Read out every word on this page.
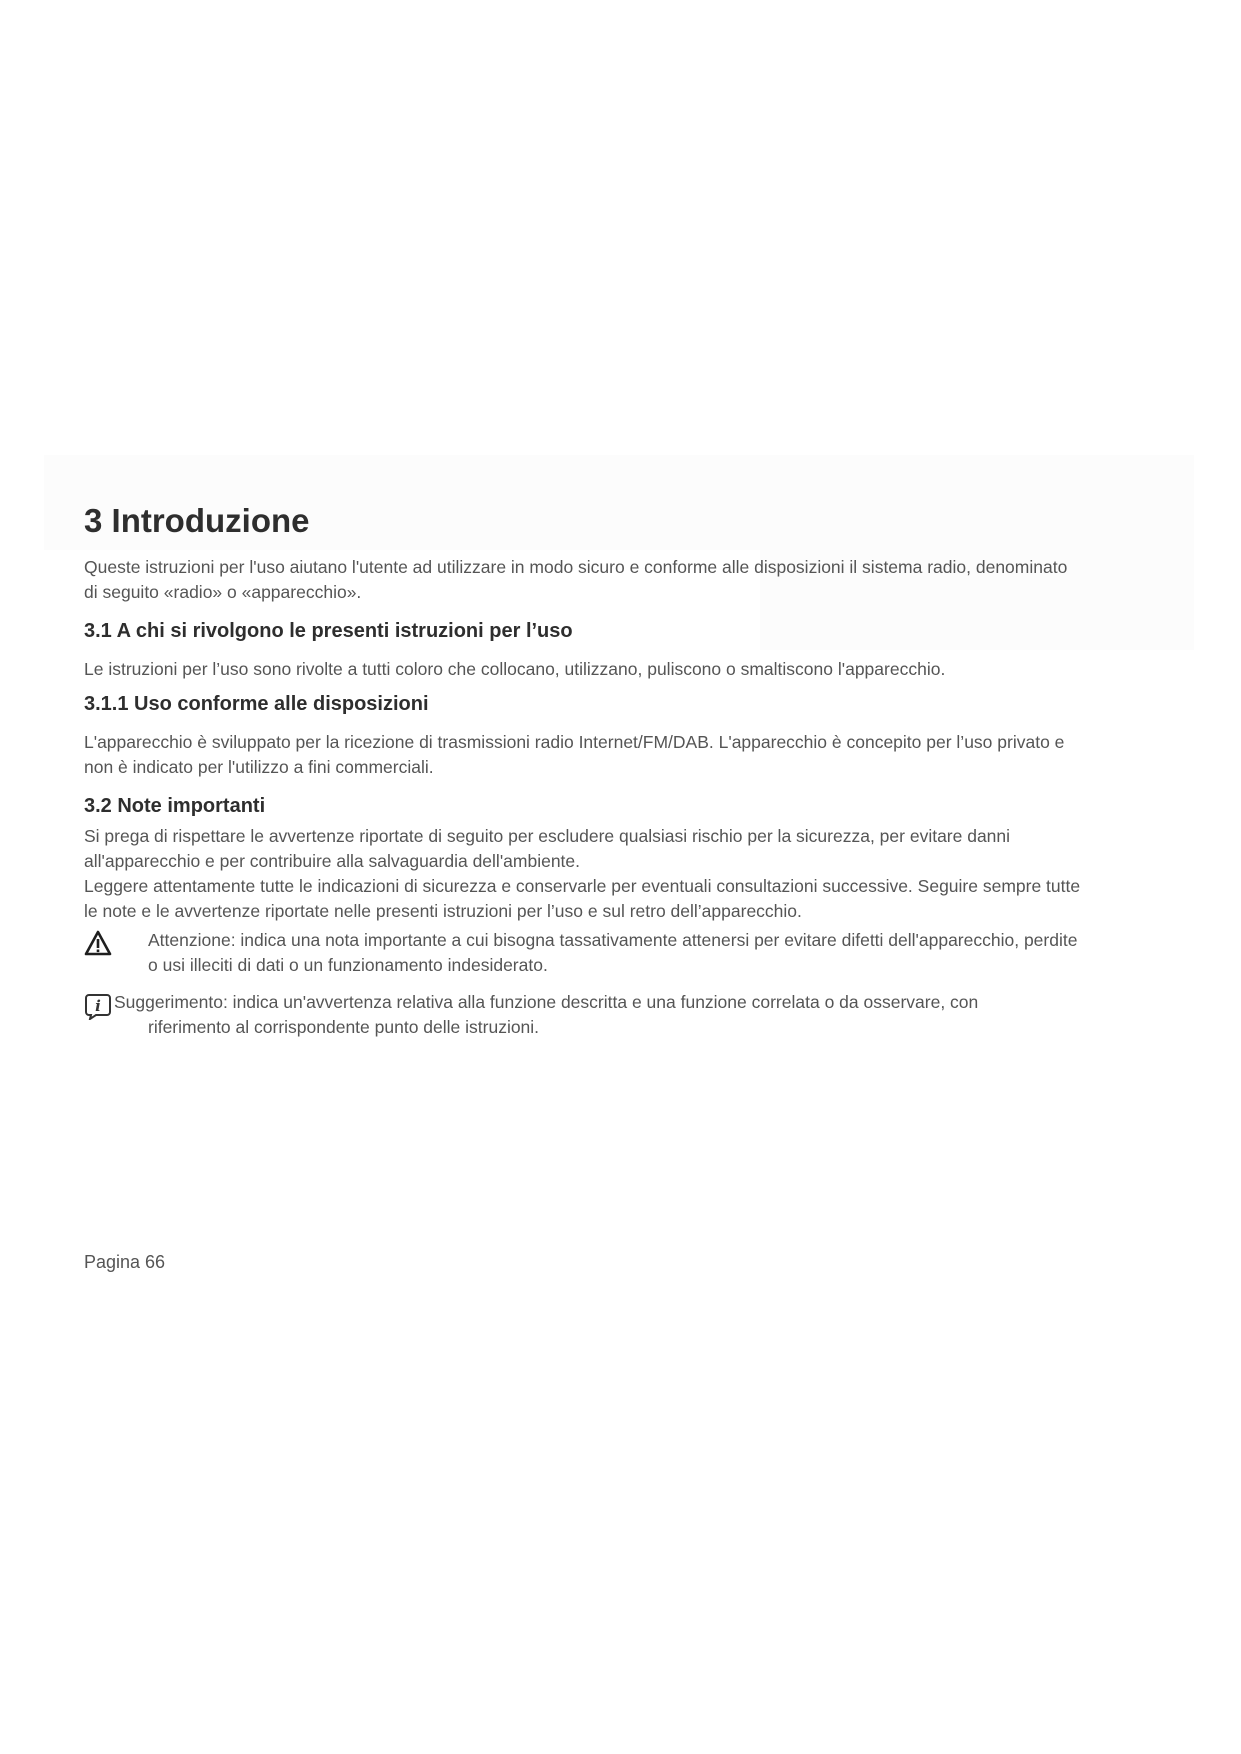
3 Introduzione

Queste istruzioni per l'uso aiutano l'utente ad utilizzare in modo sicuro e conforme alle disposizioni il sistema radio, denominato

di seguito «radio» o «apparecchio».

3.1 A chi si rivolgono le presenti istruzioni per l’uso

Le istruzioni per l’uso sono rivolte a tutti coloro che collocano, utilizzano, puliscono o smaltiscono l'apparecchio.

3.1.1 Uso conforme alle disposizioni

L'apparecchio è sviluppato per la ricezione di trasmissioni radio Internet/FM/DAB. L'apparecchio è concepito per l’uso privato e

non è indicato per l'utilizzo a fini commerciali.

3.2 Note importanti

Si prega di rispettare le avvertenze riportate di seguito per escludere qualsiasi rischio per la sicurezza, per evitare danni

all'apparecchio e per contribuire alla salvaguardia dell'ambiente.

Leggere attentamente tutte le indicazioni di sicurezza e conservarle per eventuali consultazioni successive. Seguire sempre tutte

le note e le avvertenze riportate nelle presenti istruzioni per l’uso e sul retro dell’apparecchio.

Attenzione: indica una nota importante a cui bisogna tassativamente attenersi per evitare difetti dell'apparecchio, perdite
o usi illeciti di dati o un funzionamento indesiderato.
i Suggerimento: indica un'avvertenza relativa alla funzione descritta e una funzione correlata o da osservare, con
riferimento al corrispondente punto delle istruzioni.
Pagina 66
